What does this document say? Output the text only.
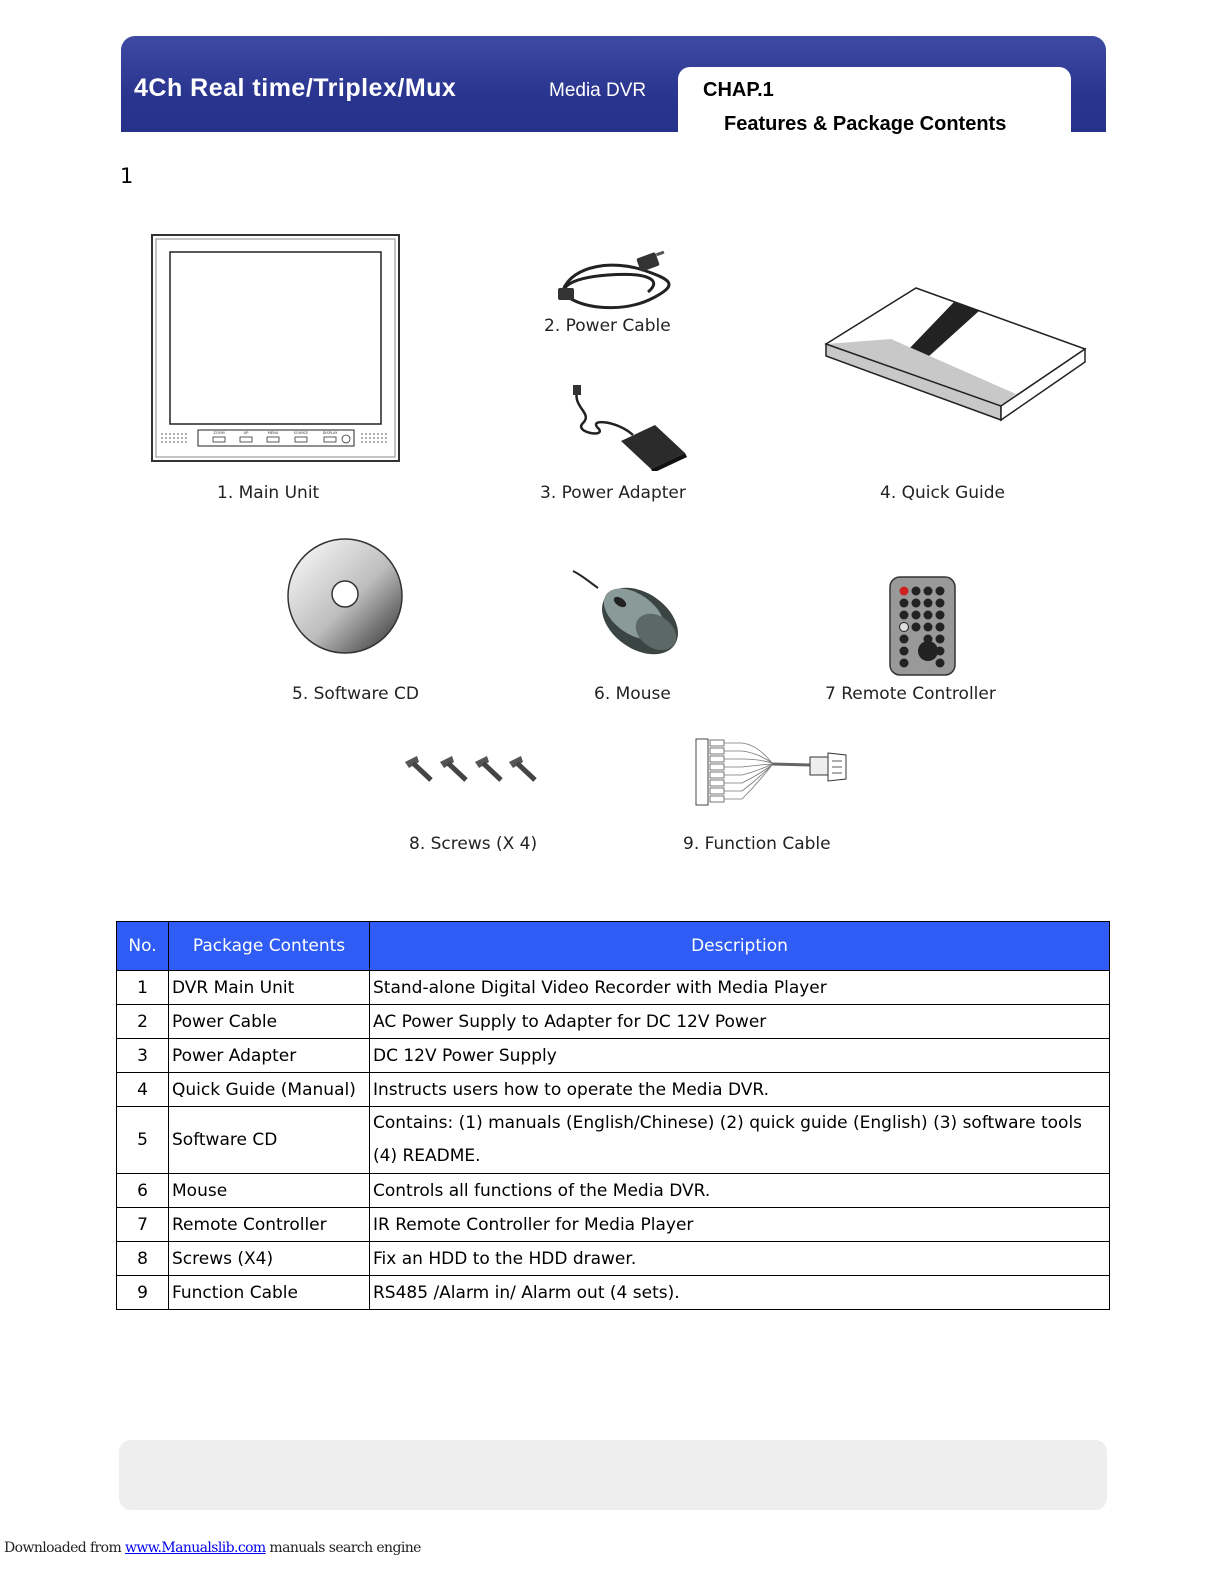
4Ch Real time/Triplex/Mux	Media DVR	CHAP.1
Features & Package Contents
1
ZOOM	UP	MENU	SOURCE	DISPLAY
1. Main Unit
2. Power Cable
3. Power Adapter	4. Quick Guide
5. Software CD	6. Mouse	7 Remote Controller
8. Screws (X 4)	9. Function Cable
No.	Package Contents	Description
1	DVR Main Unit	Stand-alone Digital Video Recorder with Media Player
2	Power Cable	AC Power Supply to Adapter for DC 12V Power
3	Power Adapter	DC 12V Power Supply
4	Quick Guide (Manual)	Instructs users how to operate the Media DVR.
5	Software CD	Contains: (1) manuals (English/Chinese) (2) quick guide (English) (3) software tools (4) README.
6	Mouse	Controls all functions of the Media DVR.
7	Remote Controller	IR Remote Controller for Media Player
8	Screws (X4)	Fix an HDD to the HDD drawer.
9	Function Cable	RS485 /Alarm in/ Alarm out (4 sets).
Downloaded from www.Manualslib.com manuals search engine
